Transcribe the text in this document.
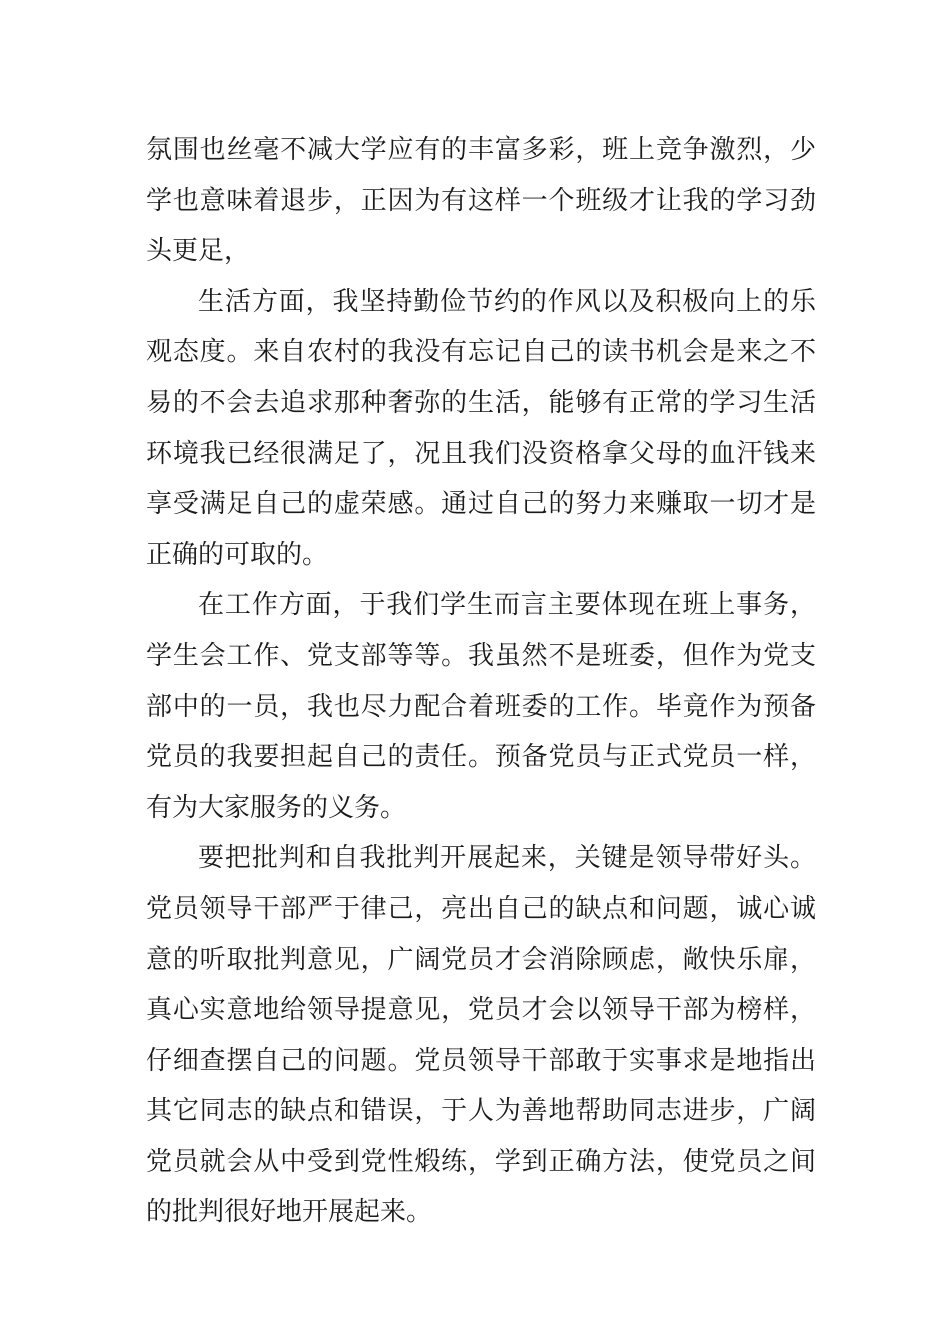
氛围也丝毫不减大学应有的丰富多彩，班上竞争激烈，少学也意味着退步，正因为有这样一个班级才让我的学习劲头更足，

生活方面，我坚持勤俭节约的作风以及积极向上的乐观态度。来自农村的我没有忘记自己的读书机会是来之不易的不会去追求那种奢弥的生活，能够有正常的学习生活环境我已经很满足了，况且我们没资格拿父母的血汗钱来享受满足自己的虚荣感。通过自己的努力来赚取一切才是正确的可取的。

在工作方面，于我们学生而言主要体现在班上事务，学生会工作、党支部等等。我虽然不是班委，但作为党支部中的一员，我也尽力配合着班委的工作。毕竟作为预备党员的我要担起自己的责任。预备党员与正式党员一样，有为大家服务的义务。

要把批判和自我批判开展起来，关键是领导带好头。党员领导干部严于律己，亮出自己的缺点和问题，诚心诚意的听取批判意见，广阔党员才会消除顾虑，敞快乐扉，真心实意地给领导提意见，党员才会以领导干部为榜样，仔细查摆自己的问题。党员领导干部敢于实事求是地指出其它同志的缺点和错误，于人为善地帮助同志进步，广阔党员就会从中受到党性煅练，学到正确方法，使党员之间的批判很好地开展起来。
